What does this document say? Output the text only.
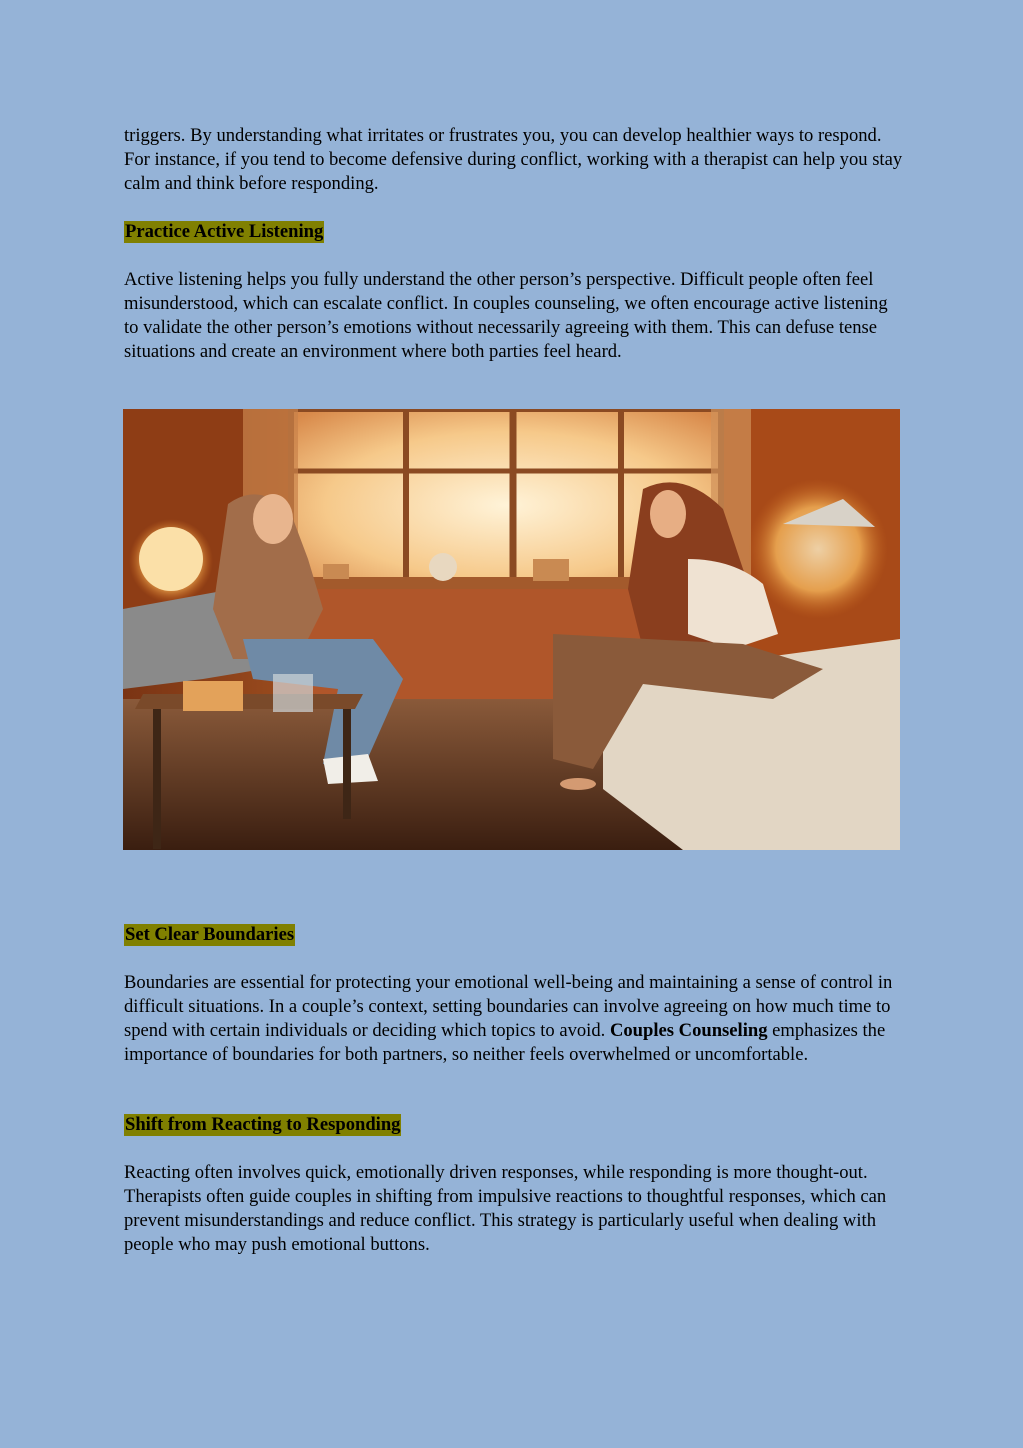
triggers. By understanding what irritates or frustrates you, you can develop healthier ways to respond. For instance, if you tend to become defensive during conflict, working with a therapist can help you stay calm and think before responding.

Practice Active Listening

Active listening helps you fully understand the other person’s perspective. Difficult people often feel misunderstood, which can escalate conflict. In couples counseling, we often encourage active listening to validate the other person’s emotions without necessarily agreeing with them. This can defuse tense situations and create an environment where both parties feel heard.

Set Clear Boundaries

Boundaries are essential for protecting your emotional well-being and maintaining a sense of control in difficult situations. In a couple’s context, setting boundaries can involve agreeing on how much time to spend with certain individuals or deciding which topics to avoid. Couples Counseling emphasizes the importance of boundaries for both partners, so neither feels overwhelmed or uncomfortable.

Shift from Reacting to Responding

Reacting often involves quick, emotionally driven responses, while responding is more thought-out. Therapists often guide couples in shifting from impulsive reactions to thoughtful responses, which can prevent misunderstandings and reduce conflict. This strategy is particularly useful when dealing with people who may push emotional buttons.
